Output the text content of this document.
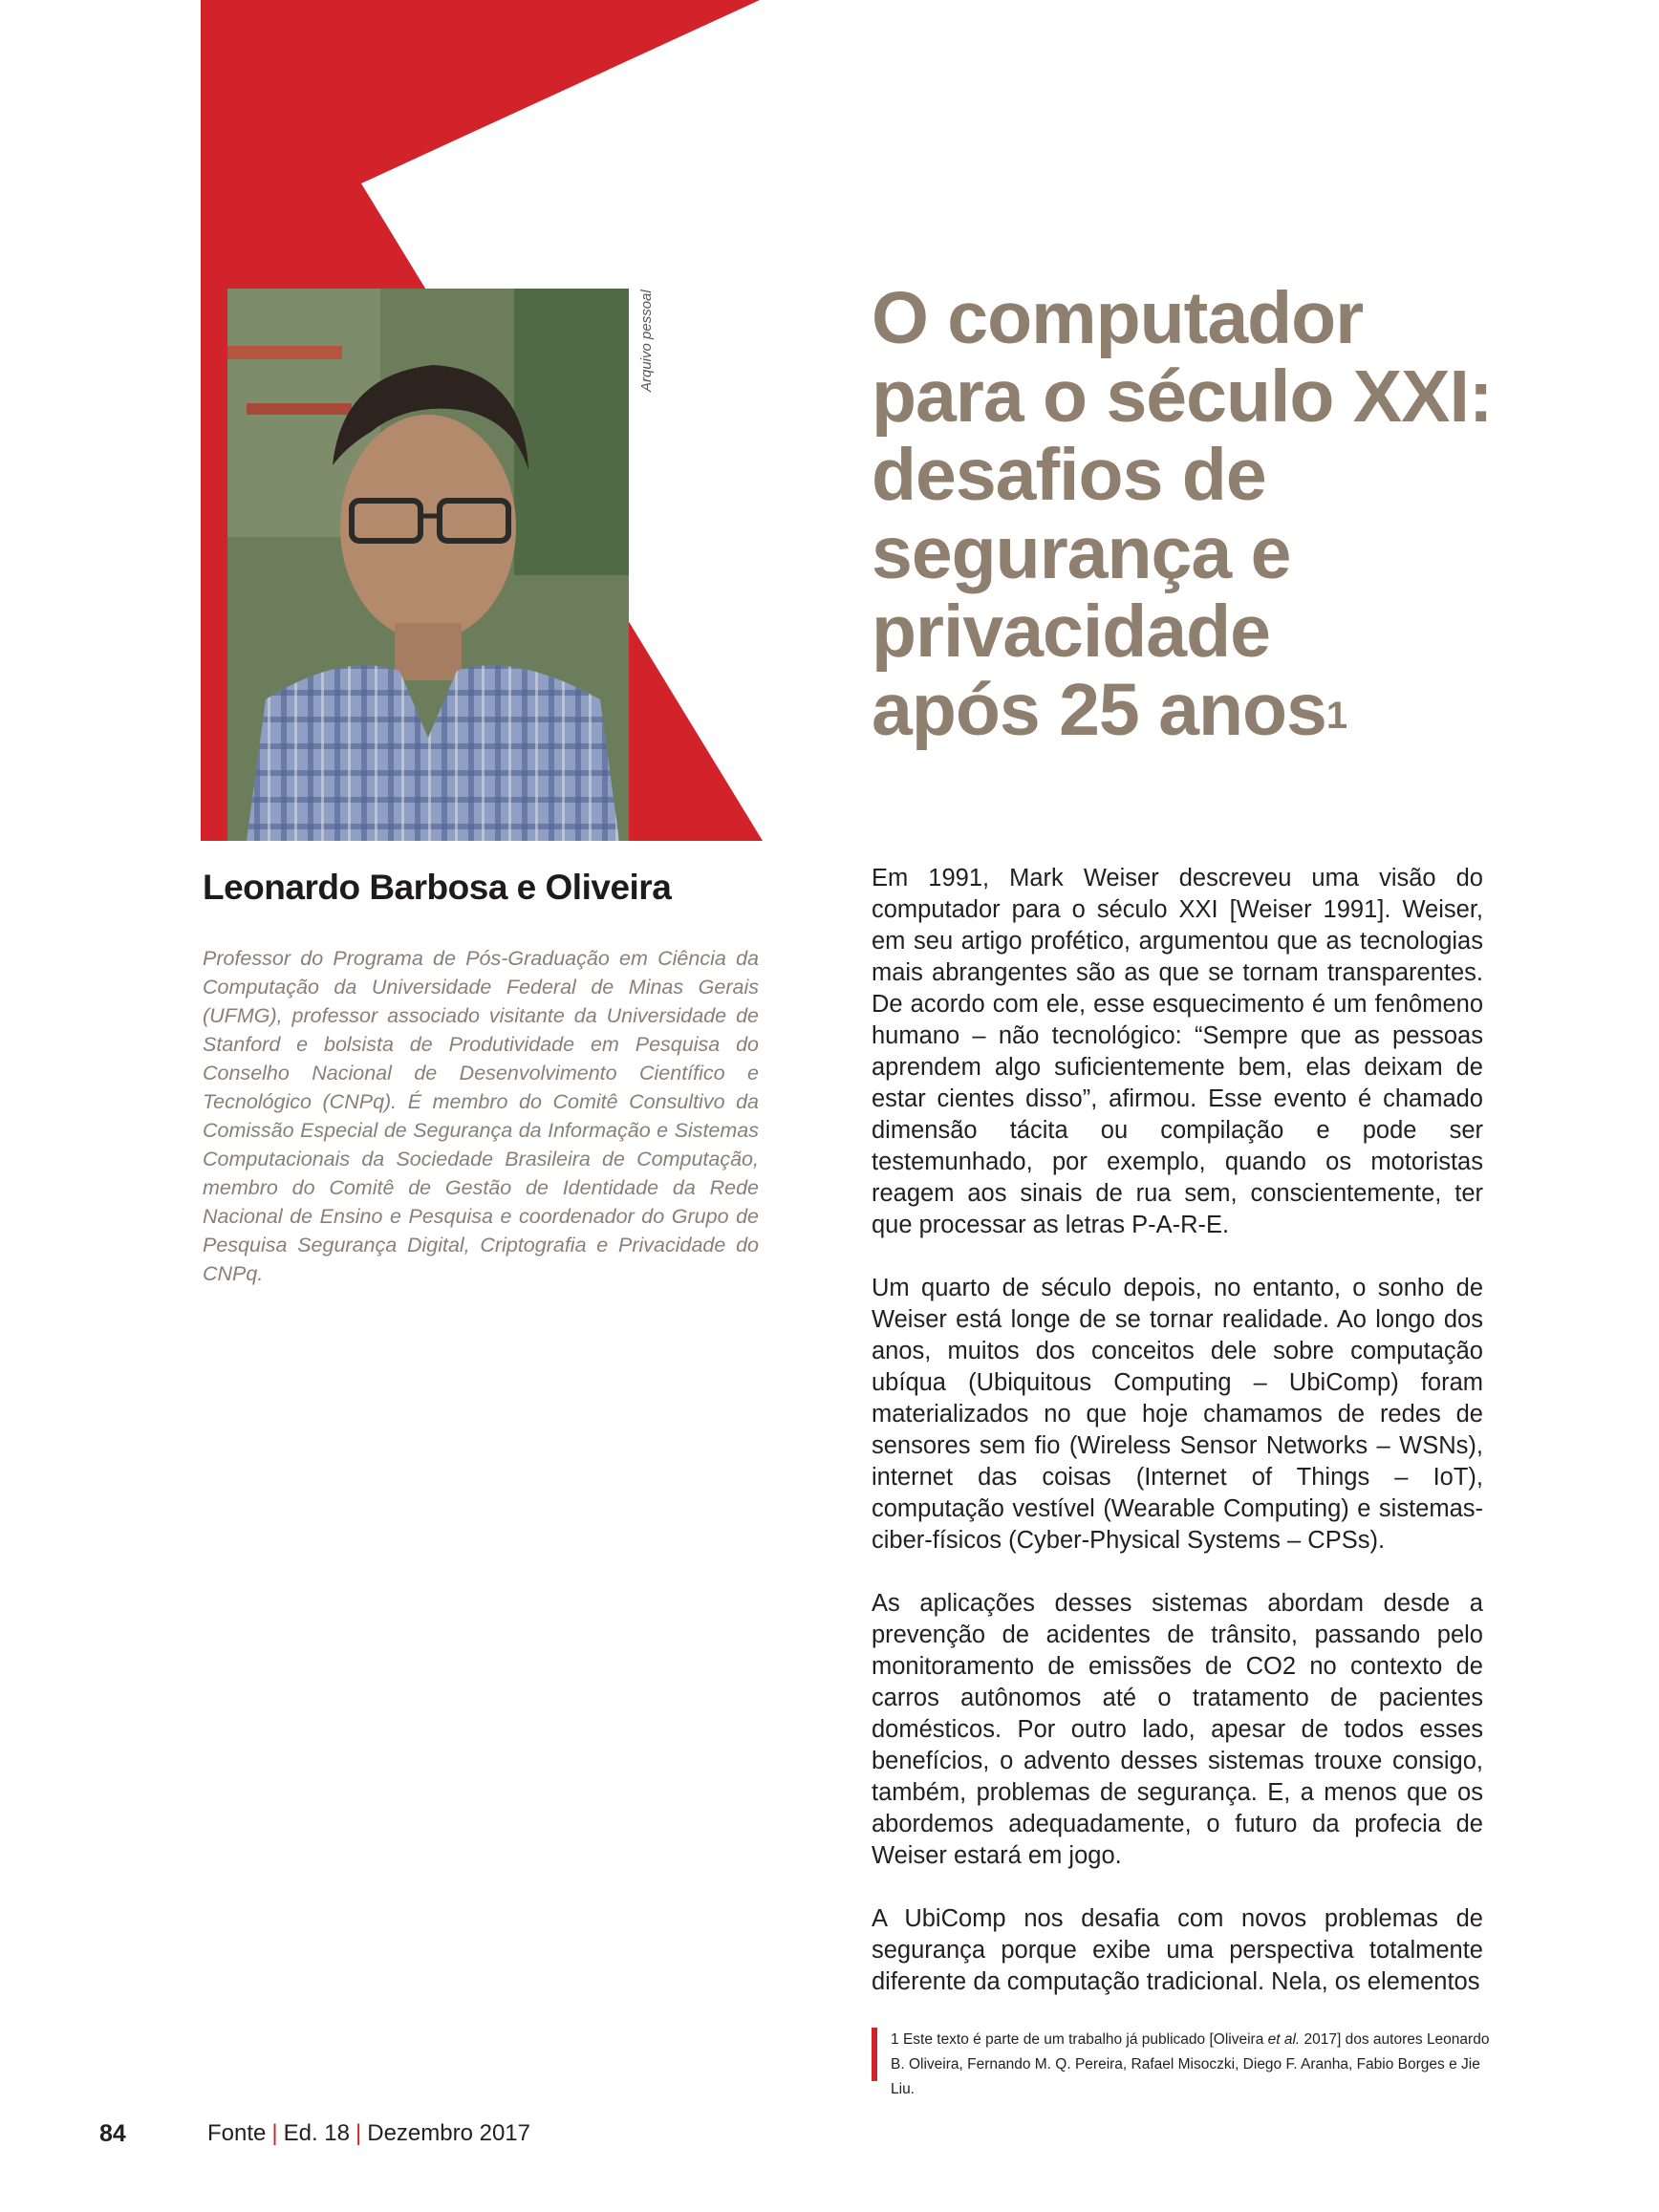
Arquivo pessoal	O computador
para o século XXI:
desafios de
segurança e
privacidade
após 25 anos$^1$
Leonardo Barbosa e Oliveira
Professor do Programa de Pós-Graduação em Ciência da Computação da Universidade Federal de Minas Gerais (UFMG), professor associado visitante da Universidade de Stanford e bolsista de Produtividade em Pesquisa do Conselho Nacional de Desenvolvimento Científico e Tecnológico (CNPq). É membro do Comitê Consultivo da Comissão Especial de Segurança da Informação e Sistemas Computacionais da Sociedade Brasileira de Computação, membro do Comitê de Gestão de Identidade da Rede Nacional de Ensino e Pesquisa e coordenador do Grupo de Pesquisa Segurança Digital, Criptografia e Privacidade do CNPq.

Em 1991, Mark Weiser descreveu uma visão do computador para o século XXI [Weiser 1991]. Weiser, em seu artigo profético, argumentou que as tecnologias mais abrangentes são as que se tornam transparentes. De acordo com ele, esse esquecimento é um fenômeno humano – não tecnológico: “Sempre que as pessoas aprendem algo suficientemente bem, elas deixam de estar cientes disso”, afirmou. Esse evento é chamado dimensão tácita ou compilação e pode ser testemunhado, por exemplo, quando os motoristas reagem aos sinais de rua sem, conscientemente, ter que processar as letras P-A-R-E.

Um quarto de século depois, no entanto, o sonho de Weiser está longe de se tornar realidade. Ao longo dos anos, muitos dos conceitos dele sobre computação ubíqua (Ubiquitous Computing – UbiComp) foram materializados no que hoje chamamos de redes de sensores sem fio (Wireless Sensor Networks – WSNs), internet das coisas (Internet of Things – IoT), computação vestível (Wearable Computing) e sistemas-ciber-físicos (Cyber-Physical Systems – CPSs).

As aplicações desses sistemas abordam desde a prevenção de acidentes de trânsito, passando pelo monitoramento de emissões de CO2 no contexto de carros autônomos até o tratamento de pacientes domésticos. Por outro lado, apesar de todos esses benefícios, o advento desses sistemas trouxe consigo, também, problemas de segurança. E, a menos que os abordemos adequadamente, o futuro da profecia de Weiser estará em jogo.

A UbiComp nos desafia com novos problemas de segurança porque exibe uma perspectiva totalmente diferente da computação tradicional. Nela, os elementos

1 Este texto é parte de um trabalho já publicado [Oliveira et al. 2017] dos autores Leonardo B. Oliveira, Fernando M. Q. Pereira, Rafael Misoczki, Diego F. Aranha, Fabio Borges e Jie Liu.
84	Fonte | Ed. 18 | Dezembro 2017
